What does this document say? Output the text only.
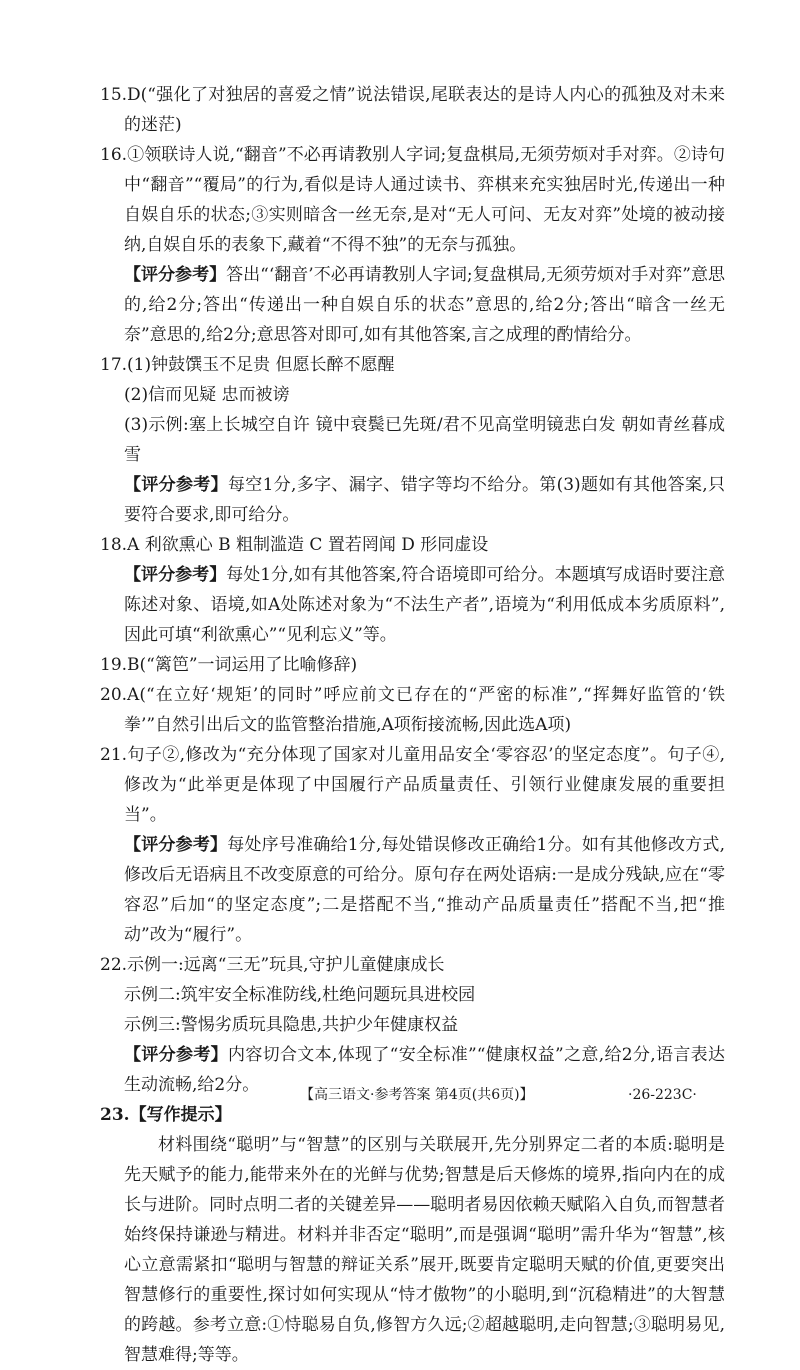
15.D(“强化了对独居的喜爱之情”说法错误,尾联表达的是诗人内心的孤独及对未来的迷茫)

16.①领联诗人说,“翻音”不必再请教别人字词;复盘棋局,无须劳烦对手对弈。②诗句中“翻音”“覆局”的行为,看似是诗人通过读书、弈棋来充实独居时光,传递出一种自娱自乐的状态;③实则暗含一丝无奈,是对“无人可问、无友对弈”处境的被动接纳,自娱自乐的表象下,藏着“不得不独”的无奈与孤独。

【评分参考】答出“‘翻音’不必再请教别人字词;复盘棋局,无须劳烦对手对弈”意思的,给2分;答出“传递出一种自娱自乐的状态”意思的,给2分;答出“暗含一丝无奈”意思的,给2分;意思答对即可,如有其他答案,言之成理的酌情给分。

17.(1)钟鼓馔玉不足贵 但愿长醉不愿醒

(2)信而见疑 忠而被谤

(3)示例:塞上长城空自许 镜中衰鬓已先斑/君不见高堂明镜悲白发 朝如青丝暮成雪

【评分参考】每空1分,多字、漏字、错字等均不给分。第(3)题如有其他答案,只要符合要求,即可给分。

18.A 利欲熏心 B 粗制滥造 C 置若罔闻 D 形同虚设

【评分参考】每处1分,如有其他答案,符合语境即可给分。本题填写成语时要注意陈述对象、语境,如A处陈述对象为“不法生产者”,语境为“利用低成本劣质原料”,因此可填“利欲熏心”“见利忘义”等。

19.B(“篱笆”一词运用了比喻修辞)

20.A(“在立好‘规矩’的同时”呼应前文已存在的“严密的标准”,“挥舞好监管的‘铁拳’”自然引出后文的监管整治措施,A项衔接流畅,因此选A项)

21.句子②,修改为“充分体现了国家对儿童用品安全‘零容忍’的坚定态度”。句子④,修改为“此举更是体现了中国履行产品质量责任、引领行业健康发展的重要担当”。

【评分参考】每处序号准确给1分,每处错误修改正确给1分。如有其他修改方式,修改后无语病且不改变原意的可给分。原句存在两处语病:一是成分残缺,应在“零容忍”后加“的坚定态度”;二是搭配不当,“推动产品质量责任”搭配不当,把“推动”改为“履行”。

22.示例一:远离“三无”玩具,守护儿童健康成长

示例二:筑牢安全标准防线,杜绝问题玩具进校园

示例三:警惕劣质玩具隐患,共护少年健康权益

【评分参考】内容切合文本,体现了“安全标准”“健康权益”之意,给2分,语言表达生动流畅,给2分。

23.【写作提示】

材料围绕“聪明”与“智慧”的区别与关联展开,先分别界定二者的本质:聪明是先天赋予的能力,能带来外在的光鲜与优势;智慧是后天修炼的境界,指向内在的成长与进阶。同时点明二者的关键差异——聪明者易因依赖天赋陷入自负,而智慧者始终保持谦逊与精进。材料并非否定“聪明”,而是强调“聪明”需升华为“智慧”,核心立意需紧扣“聪明与智慧的辩证关系”展开,既要肯定聪明天赋的价值,更要突出智慧修行的重要性,探讨如何实现从“恃才傲物”的小聪明,到“沉稳精进”的大智慧的跨越。参考立意:①恃聪易自负,修智方久远;②超越聪明,走向智慧;③聪明易见,智慧难得;等等。

【高三语文·参考答案 第4页(共6页)】	·26-223C·
